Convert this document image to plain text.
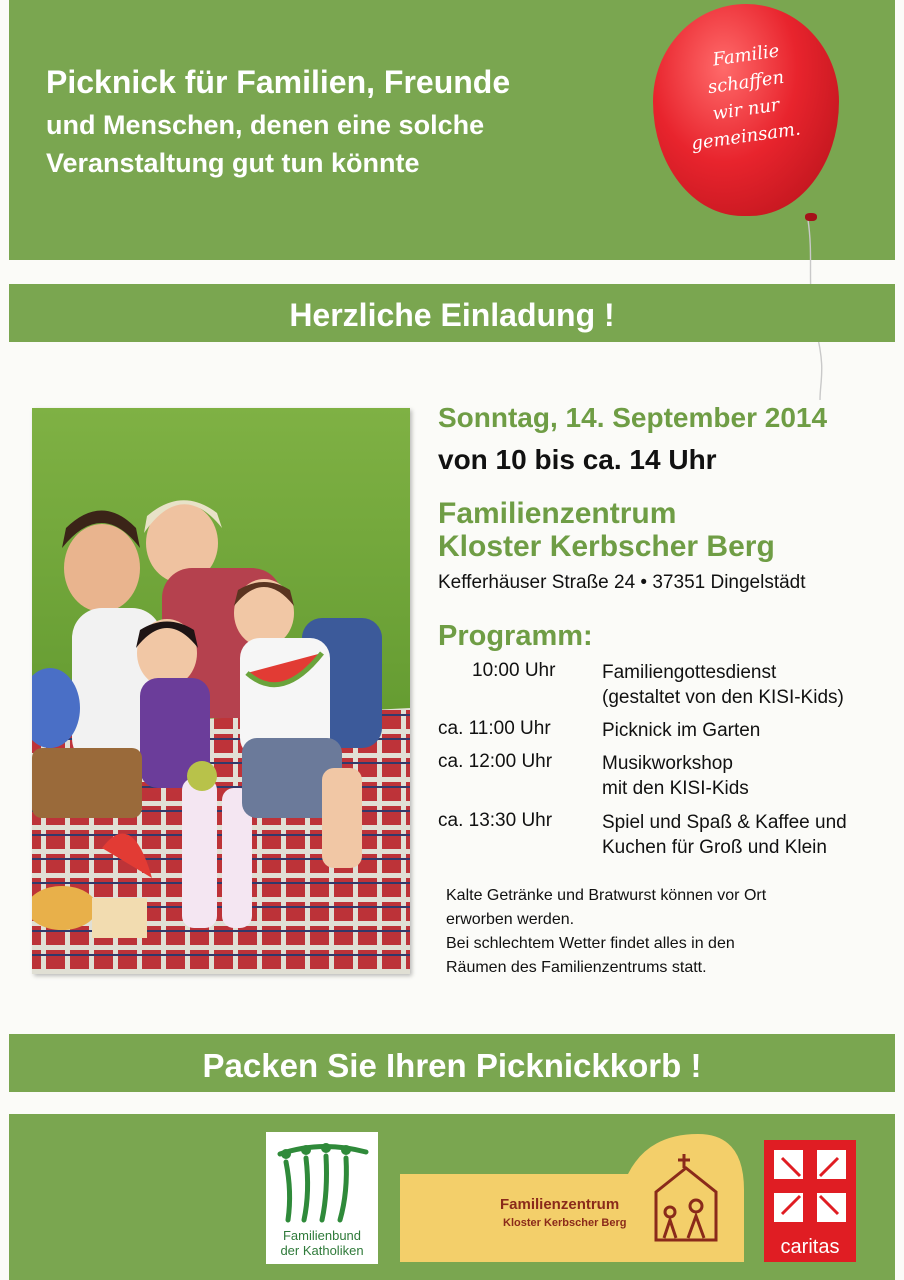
Picknick für Familien, Freunde
und Menschen, denen eine solche
Veranstaltung gut tun könnte
Familie
schaffen
wir nur
gemeinsam.
Herzliche Einladung !
Sonntag, 14. September 2014
von 10 bis ca. 14 Uhr
Familienzentrum
Kloster Kerbscher Berg
Kefferhäuser Straße 24 • 37351 Dingelstädt
Programm:
10:00 Uhr Familiengottesdienst
(gestaltet von den KISI-Kids)
ca. 11:00 Uhr	Picknick im Garten
ca. 12:00 Uhr	Musikworkshop
mit den KISI-Kids
ca. 13:30 Uhr	Spiel und Spaß & Kaffee und
Kuchen für Groß und Klein
Kalte Getränke und Bratwurst können vor Ort
erworben werden.
Bei schlechtem Wetter findet alles in den
Räumen des Familienzentrums statt.
Packen Sie Ihren Picknickkorb !
Familienbund
der Katholiken
Familienzentrum
Kloster Kerbscher Berg
caritas
